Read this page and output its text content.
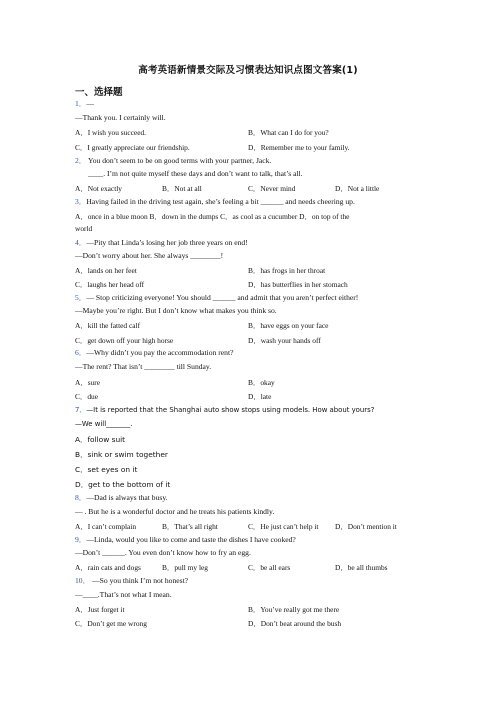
高考英语新情景交际及习惯表达知识点图文答案(1)
一、选择题
1．—
—Thank you. I certainly will.
A．I wish you succeed.	B．What can I do for you?
C．I greatly appreciate our friendship.	D．Remember me to your family.
2． You don’t seem to be on good terms with your partner, Jack.
____. I’m not quite myself these days and don’t want to talk, that’s all.
A．Not exactly	B．Not at all	C．Never mind	D．Not a little
3．Having failed in the driving test again, she’s feeling a bit ______ and needs cheering up.
A．once in a blue moon B．down in the dumps C．as cool as a cucumber D．on top of the
world
4．—Pity that Linda’s losing her job three years on end!
—Don’t worry about her. She always ________!
A．lands on her feet	B．has frogs in her throat
C．laughs her head off	D．has butterflies in her stomach
5．— Stop criticizing everyone! You should ______ and admit that you aren’t perfect either!
—Maybe you’re right. But I don’t know what makes you think so.
A．kill the fatted calf	B．have eggs on your face
C．get down off your high horse	D．wash your hands off
6．—Why didn’t you pay the accommodation rent?
—The rent? That isn’t ________ till Sunday.
A．sure	B．okay
C．due	D．late
7．—It is reported that the Shanghai auto show stops using models. How about yours?
—We will_______.
A．follow suit
B．sink or swim together
C．set eyes on it
D．get to the bottom of it
8．—Dad is always that busy.
— . But he is a wonderful doctor and he treats his patients kindly.
A．I can’t complain	B．That’s all right	C．He just can’t help it D．Don’t mention it
9．—Linda, would you like to come and taste the dishes I have cooked?
—Don’t ______. You even don’t know how to fry an egg.
A．rain cats and dogs	B．pull my leg	C．be all ears	D．be all thumbs
10． —So you think I’m not honest?
—____.That’s not what I mean.
A．Just forget it	B．You’ve really got me there
C．Don’t get me wrong	D．Don’t beat around the bush
